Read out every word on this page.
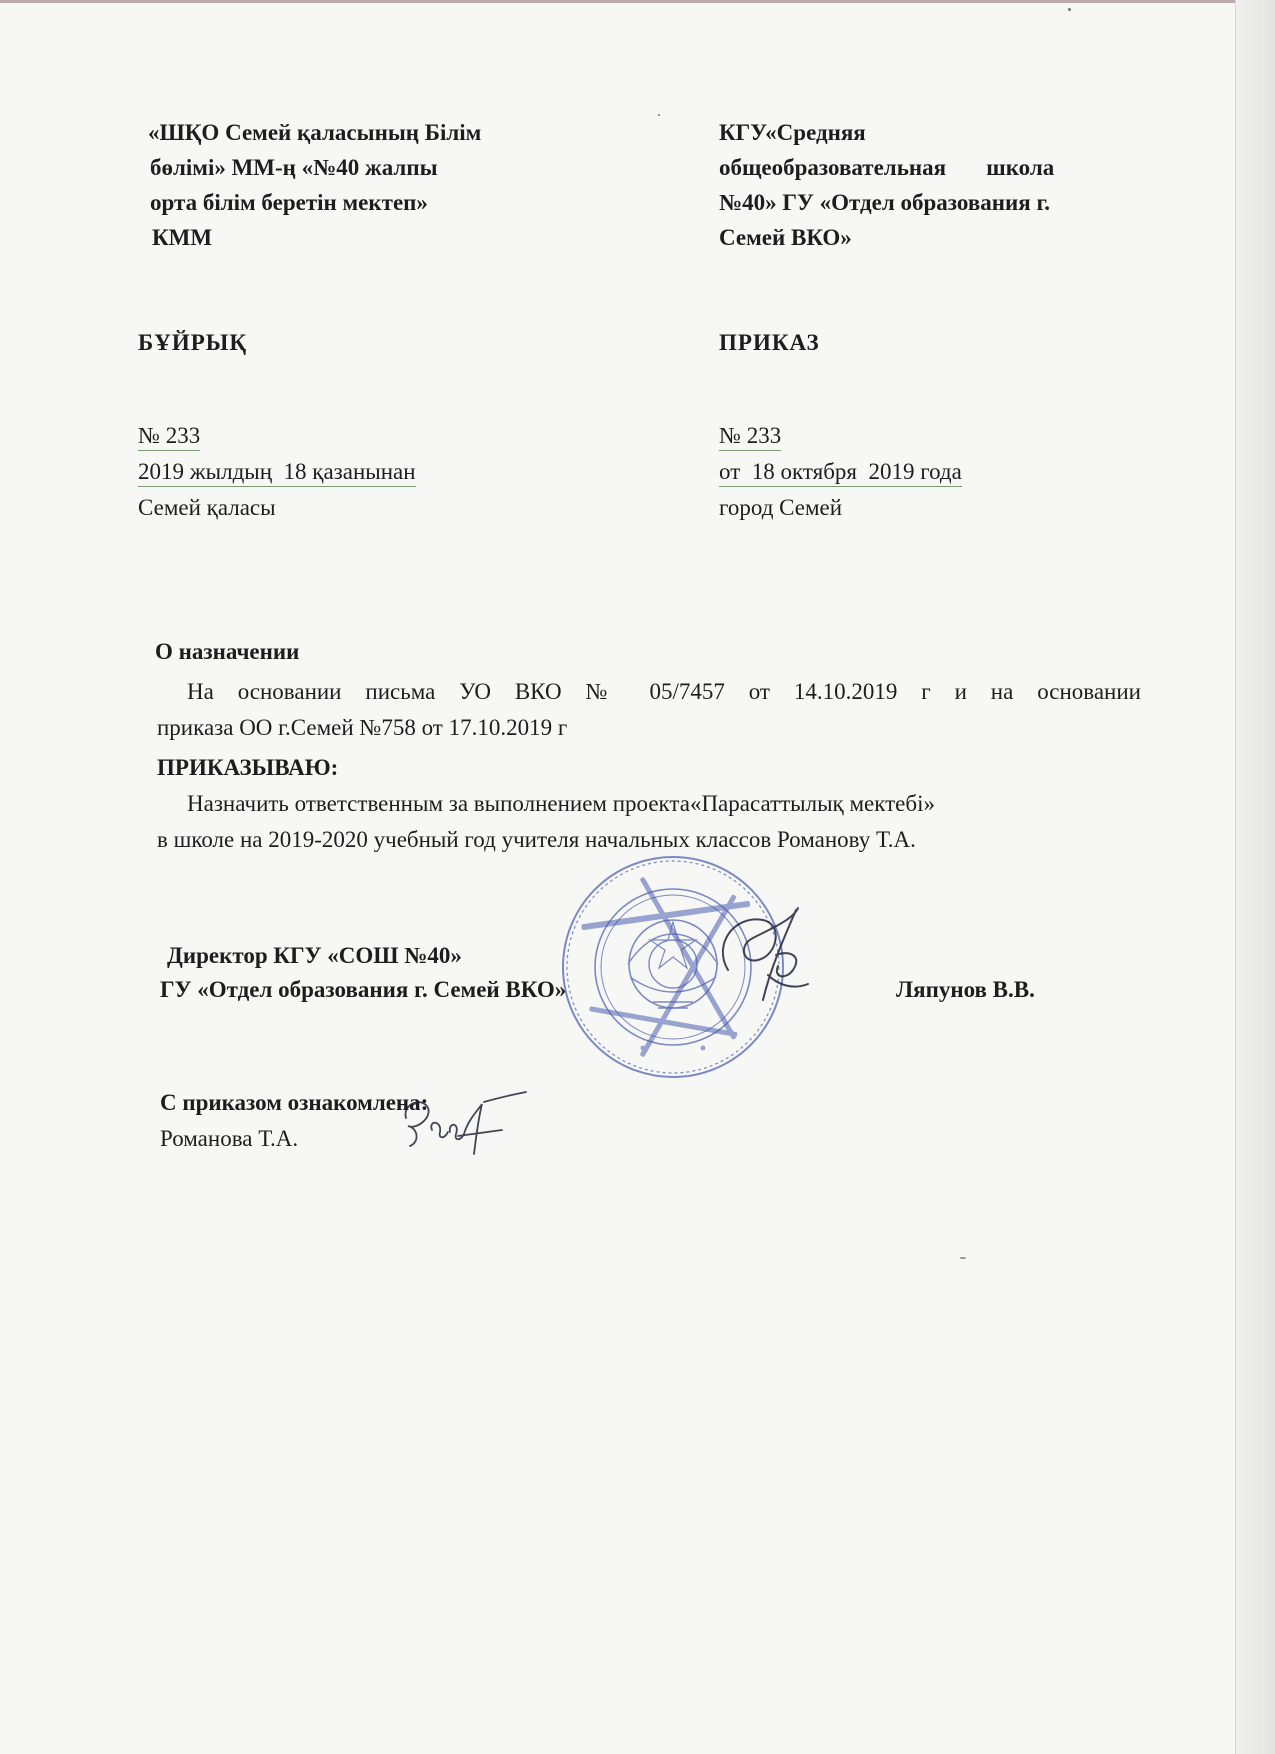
«ШҚО Семей қаласының Білім
бөлімі» ММ-ң «№40 жалпы
орта білім беретін мектеп»
КММ
КГУ«Средняя
общеобразовательная       школа
№40» ГУ «Отдел образования г.
Семей ВКО»
БҰЙРЫҚ	ПРИКАЗ
№ 233
2019 жылдың  18 қазанынан
Семей қаласы
№ 233
от  18 октября  2019 года
город Семей
О назначении
На основании письма УО ВКО № 05/7457 от 14.10.2019 г и на основании
приказа ОО г.Семей №758 от 17.10.2019 г
ПРИКАЗЫВАЮ:
Назначить ответственным за выполнением проекта«Парасаттылық мектебі»
в школе на 2019-2020 учебный год учителя начальных классов Романову Т.А.
Директор КГУ «СОШ №40»
ГУ «Отдел образования г. Семей ВКО»	Ляпунов В.В.
С приказом ознакомлена:
Романова Т.А.
